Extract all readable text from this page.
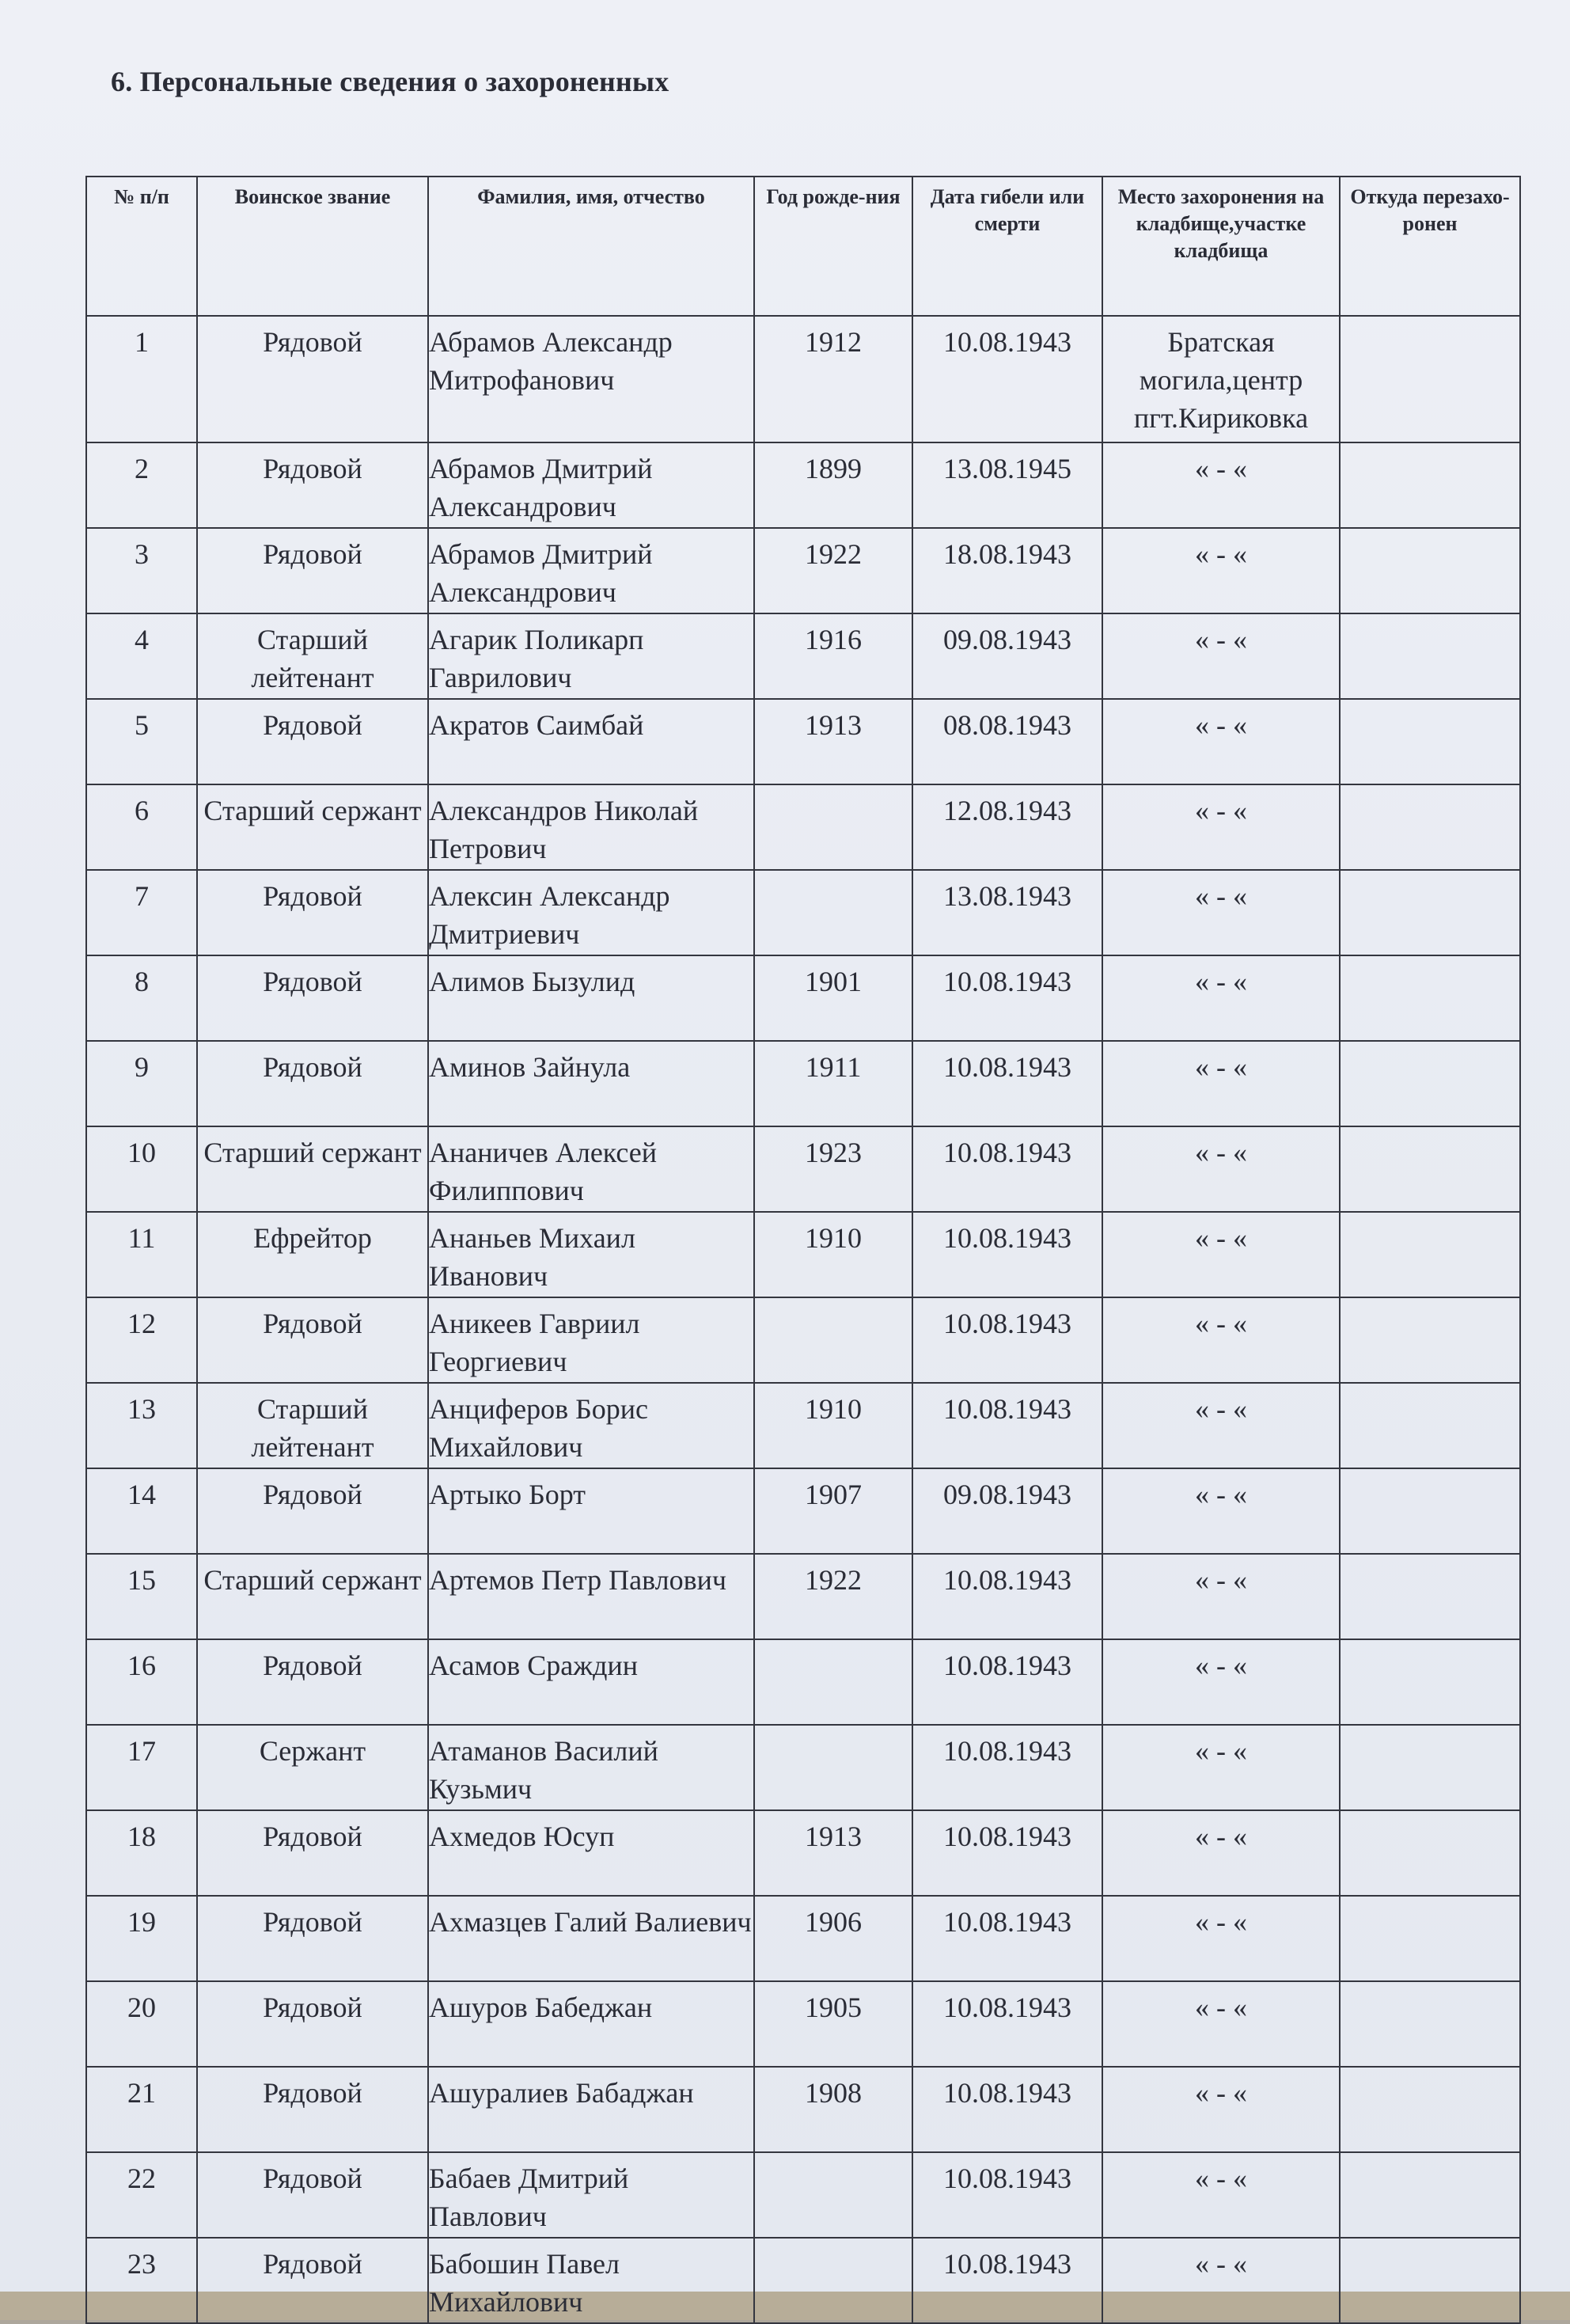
6. Персональные сведения о захороненных
№ п/п	Воинское звание	Фамилия, имя, отчество	Год рожде-ния	Дата гибели или смерти	Место захоронения на кладбище,участке кладбища	Откуда перезахо-ронен
1	Рядовой	Абрамов Александр Митрофанович	1912	10.08.1943	Братская могила,центр пгт.Кириковка	
2	Рядовой	Абрамов Дмитрий Александрович	1899	13.08.1945	« - «	
3	Рядовой	Абрамов Дмитрий Александрович	1922	18.08.1943	« - «	
4	Старший лейтенант	Агарик Поликарп Гаврилович	1916	09.08.1943	« - «	
5	Рядовой	Акратов Саимбай	1913	08.08.1943	« - «	
6	Старший сержант	Александров Николай Петрович		12.08.1943	« - «	
7	Рядовой	Алексин Александр Дмитриевич		13.08.1943	« - «	
8	Рядовой	Алимов Бызулид	1901	10.08.1943	« - «	
9	Рядовой	Аминов Зайнула	1911	10.08.1943	« - «	
10	Старший сержант	Ананичев Алексей Филиппович	1923	10.08.1943	« - «	
11	Ефрейтор	Ананьев Михаил Иванович	1910	10.08.1943	« - «	
12	Рядовой	Аникеев Гавриил Георгиевич		10.08.1943	« - «	
13	Старший лейтенант	Анциферов Борис Михайлович	1910	10.08.1943	« - «	
14	Рядовой	Артыко Борт	1907	09.08.1943	« - «	
15	Старший сержант	Артемов Петр Павлович	1922	10.08.1943	« - «	
16	Рядовой	Асамов Сраждин		10.08.1943	« - «	
17	Сержант	Атаманов Василий Кузьмич		10.08.1943	« - «	
18	Рядовой	Ахмедов Юсуп	1913	10.08.1943	« - «	
19	Рядовой	Ахмазцев Галий Валиевич	1906	10.08.1943	« - «	
20	Рядовой	Ашуров Бабеджан	1905	10.08.1943	« - «	
21	Рядовой	Ашуралиев Бабаджан	1908	10.08.1943	« - «	
22	Рядовой	Бабаев Дмитрий Павлович		10.08.1943	« - «	
23	Рядовой	Бабошин Павел Михайлович		10.08.1943	« - «	
